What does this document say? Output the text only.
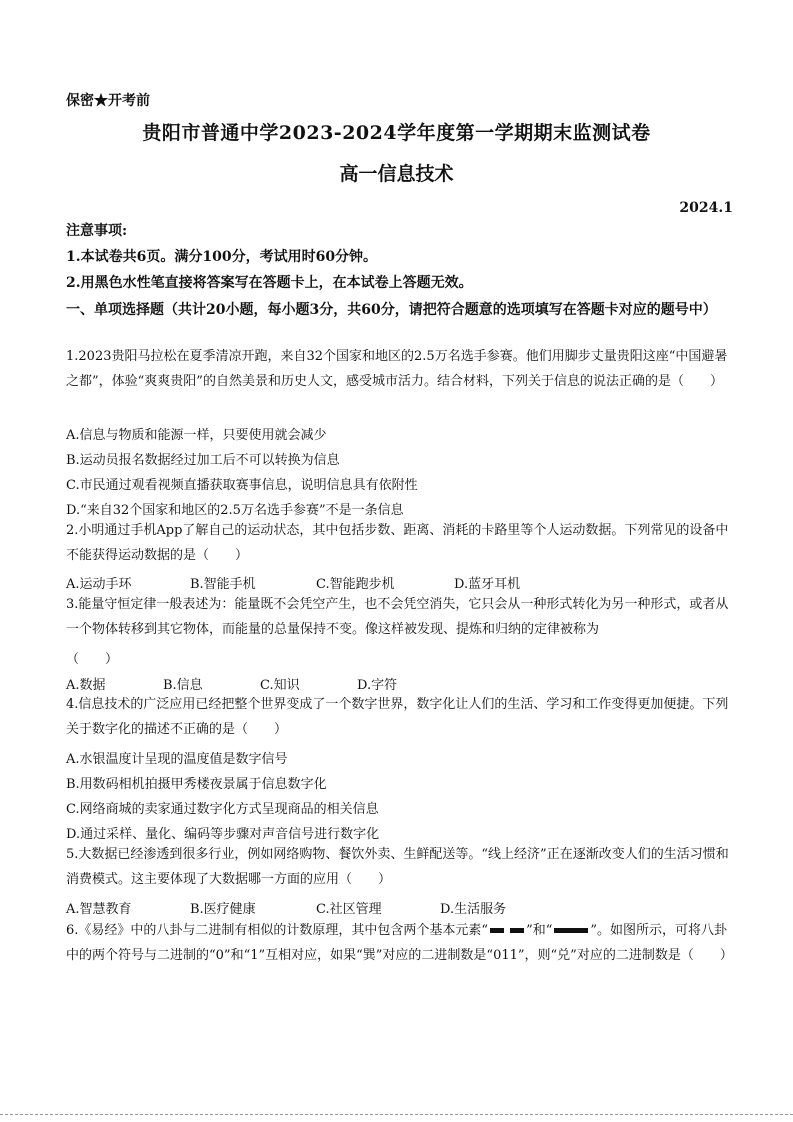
保密★开考前
贵阳市普通中学2023-2024学年度第一学期期末监测试卷
高一信息技术
2024.1
注意事项:
1.本试卷共6页。满分100分，考试用时60分钟。
2.用黑色水性笔直接将答案写在答题卡上，在本试卷上答题无效。
一、单项选择题（共计20小题，每小题3分，共60分，请把符合题意的选项填写在答题卡对应的题号中）
1.2023贵阳马拉松在夏季清凉开跑，来自32个国家和地区的2.5万名选手参赛。他们用脚步丈量贵阳这座“中国避暑之都”，体验“爽爽贵阳”的自然美景和历史人文，感受城市活力。结合材料，下列关于信息的说法正确的是（　　）
A.信息与物质和能源一样，只要使用就会减少
B.运动员报名数据经过加工后不可以转换为信息
C.市民通过观看视频直播获取赛事信息，说明信息具有依附性
D.“来自32个国家和地区的2.5万名选手参赛”不是一条信息
2.小明通过手机App了解自己的运动状态，其中包括步数、距离、消耗的卡路里等个人运动数据。下列常见的设备中不能获得运动数据的是（　　）
A.运动手环	B.智能手机	C.智能跑步机	D.蓝牙耳机
3.能量守恒定律一般表述为：能量既不会凭空产生，也不会凭空消失，它只会从一种形式转化为另一种形式，或者从一个物体转移到其它物体，而能量的总量保持不变。像这样被发现、提炼和归纳的定律被称为
（　　）
A.数据	B.信息	C.知识	D.字符
4.信息技术的广泛应用已经把整个世界变成了一个数字世界，数字化让人们的生活、学习和工作变得更加便捷。下列关于数字化的描述不正确的是（　　）
A.水银温度计呈现的温度值是数字信号
B.用数码相机拍摄甲秀楼夜景属于信息数字化
C.网络商城的卖家通过数字化方式呈现商品的相关信息
D.通过采样、量化、编码等步骤对声音信号进行数字化
5.大数据已经渗透到很多行业，例如网络购物、餐饮外卖、生鲜配送等。“线上经济”正在逐渐改变人们的生活习惯和消费模式。这主要体现了大数据哪一方面的应用（　　）
A.智慧教育	B.医疗健康	C.社区管理	D.生活服务
6.《易经》中的八卦与二进制有相似的计数原理，其中包含两个基本元素“	”和“	”。如图所示，可将八卦中的两个符号与二进制的“0”和“1”互相对应，如果“巽”对应的二进制数是“011”，则“兑”对应的二进制数是（　　）
